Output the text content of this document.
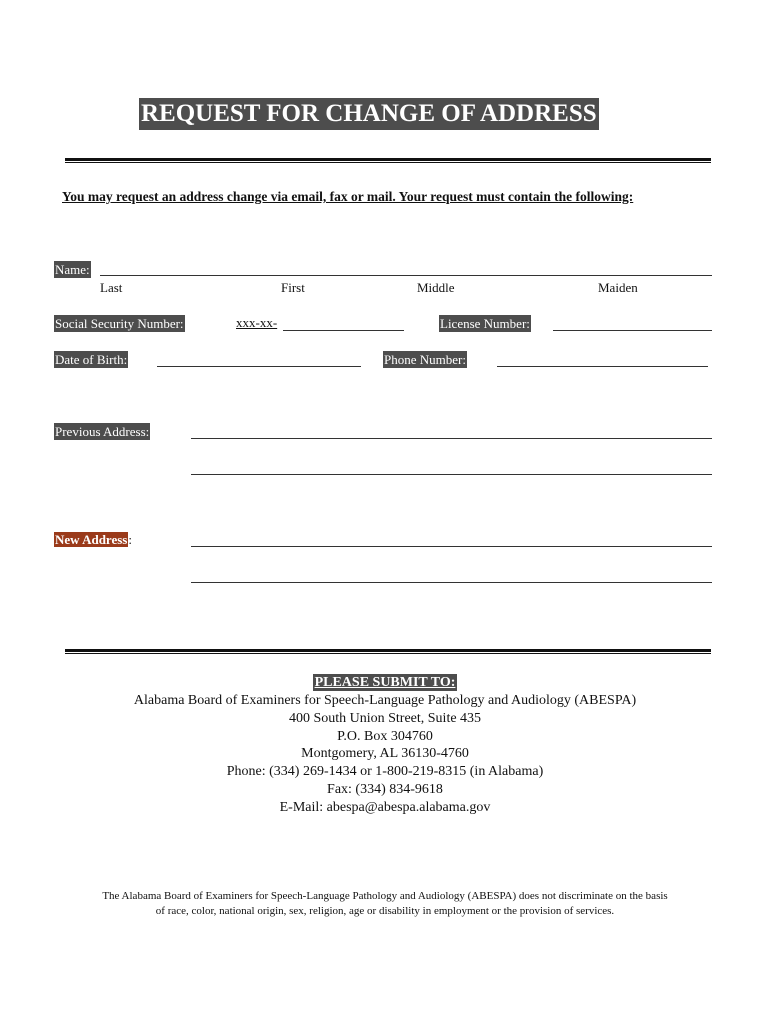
REQUEST FOR CHANGE OF ADDRESS
You may request an address change via email, fax or mail. Your request must contain the following:
Name:
Last	First	Middle	Maiden
Social Security Number:	xxx-xx-	License Number:
Date of Birth:	Phone Number:
Previous Address:
New Address:
PLEASE SUBMIT TO:
Alabama Board of Examiners for Speech-Language Pathology and Audiology (ABESPA)
400 South Union Street, Suite 435
P.O. Box 304760
Montgomery, AL 36130-4760
Phone: (334) 269-1434 or 1-800-219-8315 (in Alabama)
Fax: (334) 834-9618
E-Mail: abespa@abespa.alabama.gov
The Alabama Board of Examiners for Speech-Language Pathology and Audiology (ABESPA) does not discriminate on the basis
of race, color, national origin, sex, religion, age or disability in employment or the provision of services.
